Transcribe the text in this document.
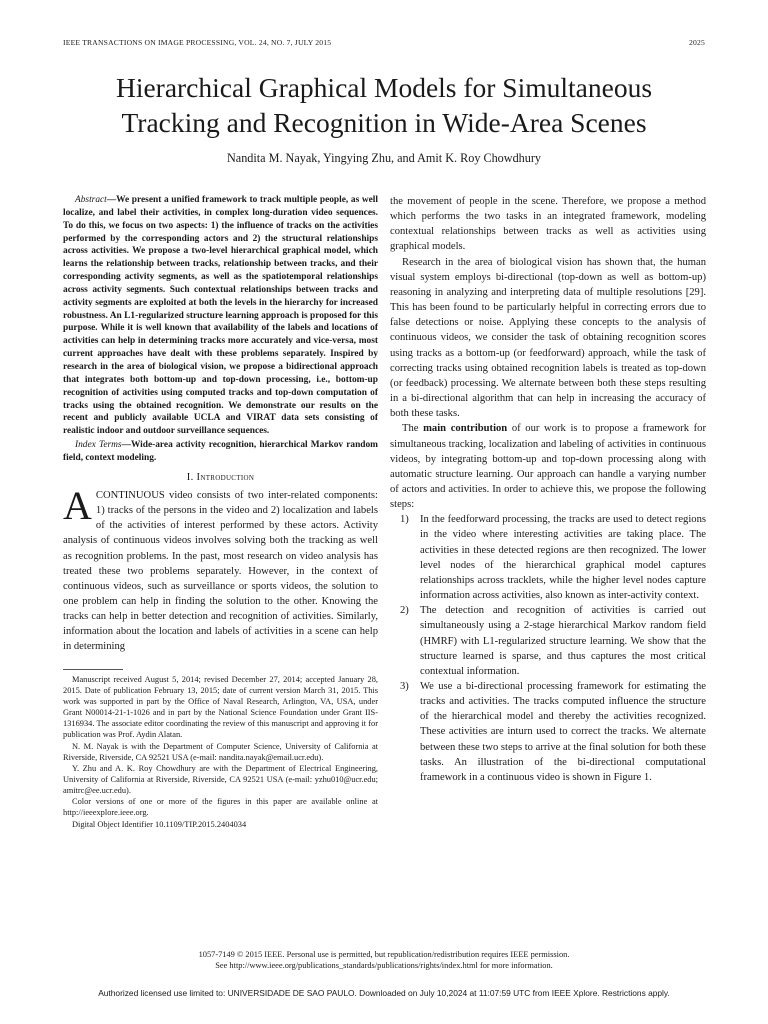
IEEE TRANSACTIONS ON IMAGE PROCESSING, VOL. 24, NO. 7, JULY 2015	2025
Hierarchical Graphical Models for Simultaneous
Tracking and Recognition in Wide-Area Scenes
Nandita M. Nayak, Yingying Zhu, and Amit K. Roy Chowdhury

Abstract—We present a unified framework to track multiple people, as well localize, and label their activities, in complex long-duration video sequences. To do this, we focus on two aspects: 1) the influence of tracks on the activities performed by the corresponding actors and 2) the structural relationships across activities. We propose a two-level hierarchical graphical model, which learns the relationship between tracks, relationship between tracks, and their corresponding activity segments, as well as the spatiotemporal relationships across activity segments. Such contextual relationships between tracks and activity segments are exploited at both the levels in the hierarchy for increased robustness. An L1-regularized structure learning approach is proposed for this purpose. While it is well known that availability of the labels and locations of activities can help in determining tracks more accurately and vice-versa, most current approaches have dealt with these problems separately. Inspired by research in the area of biological vision, we propose a bidirectional approach that integrates both bottom-up and top-down processing, i.e., bottom-up recognition of activities using computed tracks and top-down computation of tracks using the obtained recognition. We demonstrate our results on the recent and publicly available UCLA and VIRAT data sets consisting of realistic indoor and outdoor surveillance sequences.

Index Terms—Wide-area activity recognition, hierarchical Markov random field, context modeling.

I. Introduction

ACONTINUOUS video consists of two inter-related components: 1) tracks of the persons in the video and 2) localization and labels of the activities of interest performed by these actors. Activity analysis of continuous videos involves solving both the tracking as well as recognition problems. In the past, most research on video analysis has treated these two problems separately. However, in the context of continuous videos, such as surveillance or sports videos, the solution to one problem can help in finding the solution to the other. Knowing the tracks can help in better detection and recognition of activities. Similarly, information about the location and labels of activities in a scene can help in determining

Manuscript received August 5, 2014; revised December 27, 2014; accepted January 28, 2015. Date of publication February 13, 2015; date of current version March 31, 2015. This work was supported in part by the Office of Naval Research, Arlington, VA, USA, under Grant N00014-21-1-1026 and in part by the National Science Foundation under Grant IIS-1316934. The associate editor coordinating the review of this manuscript and approving it for publication was Prof. Aydin Alatan.

N. M. Nayak is with the Department of Computer Science, University of California at Riverside, Riverside, CA 92521 USA (e-mail: nandita.nayak@email.ucr.edu).

Y. Zhu and A. K. Roy Chowdhury are with the Department of Electrical Engineering, University of California at Riverside, Riverside, CA 92521 USA (e-mail: yzhu010@ucr.edu; amitrc@ee.ucr.edu).

Color versions of one or more of the figures in this paper are available online at http://ieeexplore.ieee.org.

Digital Object Identifier 10.1109/TIP.2015.2404034

the movement of people in the scene. Therefore, we propose a method which performs the two tasks in an integrated framework, modeling contextual relationships between tracks as well as activities using graphical models.

Research in the area of biological vision has shown that, the human visual system employs bi-directional (top-down as well as bottom-up) reasoning in analyzing and interpreting data of multiple resolutions [29]. This has been found to be particularly helpful in correcting errors due to false detections or noise. Applying these concepts to the analysis of continuous videos, we consider the task of obtaining recognition scores using tracks as a bottom-up (or feedforward) approach, while the task of correcting tracks using obtained recognition labels is treated as top-down (or feedback) processing. We alternate between both these steps resulting in a bi-directional algorithm that can help in increasing the accuracy of both these tasks.

The main contribution of our work is to propose a framework for simultaneous tracking, localization and labeling of activities in continuous videos, by integrating bottom-up and top-down processing along with automatic structure learning. Our approach can handle a varying number of actors and activities. In order to achieve this, we propose the following steps:

1) In the feedforward processing, the tracks are used to detect regions in the video where interesting activities are taking place. The activities in these detected regions are then recognized. The lower level nodes of the hierarchical graphical model captures relationships across tracklets, while the higher level nodes capture information across activities, also known as inter-activity context.
2) The detection and recognition of activities is carried out simultaneously using a 2-stage hierarchical Markov random field (HMRF) with L1-regularized structure learning. We show that the structure learned is sparse, and thus captures the most critical contextual information.
3) We use a bi-directional processing framework for estimating the tracks and activities. The tracks computed influence the structure of the hierarchical model and thereby the activities recognized. These activities are inturn used to correct the tracks. We alternate between these two steps to arrive at the final solution for both these tasks. An illustration of the bi-directional computational framework in a continuous video is shown in Figure 1.
1057-7149 © 2015 IEEE. Personal use is permitted, but republication/redistribution requires IEEE permission.
See http://www.ieee.org/publications_standards/publications/rights/index.html for more information.
Authorized licensed use limited to: UNIVERSIDADE DE SAO PAULO. Downloaded on July 10,2024 at 11:07:59 UTC from IEEE Xplore. Restrictions apply.
